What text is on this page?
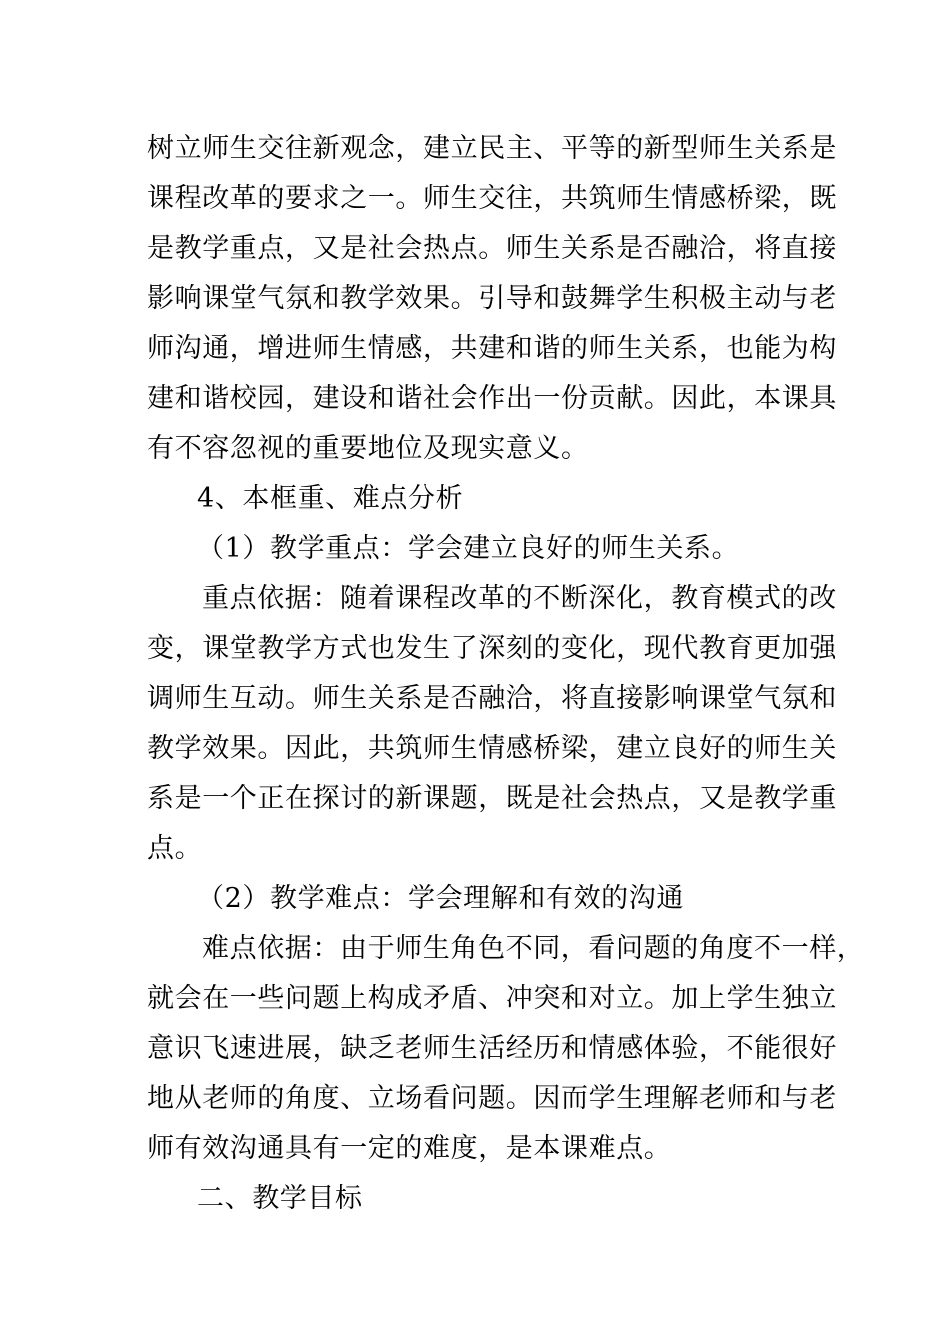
树立师生交往新观念，建立民主、平等的新型师生关系是
课程改革的要求之一。师生交往，共筑师生情感桥梁，既
是教学重点，又是社会热点。师生关系是否融洽，将直接
影响课堂气氛和教学效果。引导和鼓舞学生积极主动与老
师沟通，增进师生情感，共建和谐的师生关系，也能为构
建和谐校园，建设和谐社会作出一份贡献。因此，本课具
有不容忽视的重要地位及现实意义。
4、本框重、难点分析
（1）教学重点：学会建立良好的师生关系。
重点依据：随着课程改革的不断深化，教育模式的改
变，课堂教学方式也发生了深刻的变化，现代教育更加强
调师生互动。师生关系是否融洽，将直接影响课堂气氛和
教学效果。因此，共筑师生情感桥梁，建立良好的师生关
系是一个正在探讨的新课题，既是社会热点，又是教学重
点。
（2）教学难点：学会理解和有效的沟通
难点依据：由于师生角色不同，看问题的角度不一样，
就会在一些问题上构成矛盾、冲突和对立。加上学生独立
意识飞速进展，缺乏老师生活经历和情感体验，不能很好
地从老师的角度、立场看问题。因而学生理解老师和与老
师有效沟通具有一定的难度，是本课难点。
二、教学目标
